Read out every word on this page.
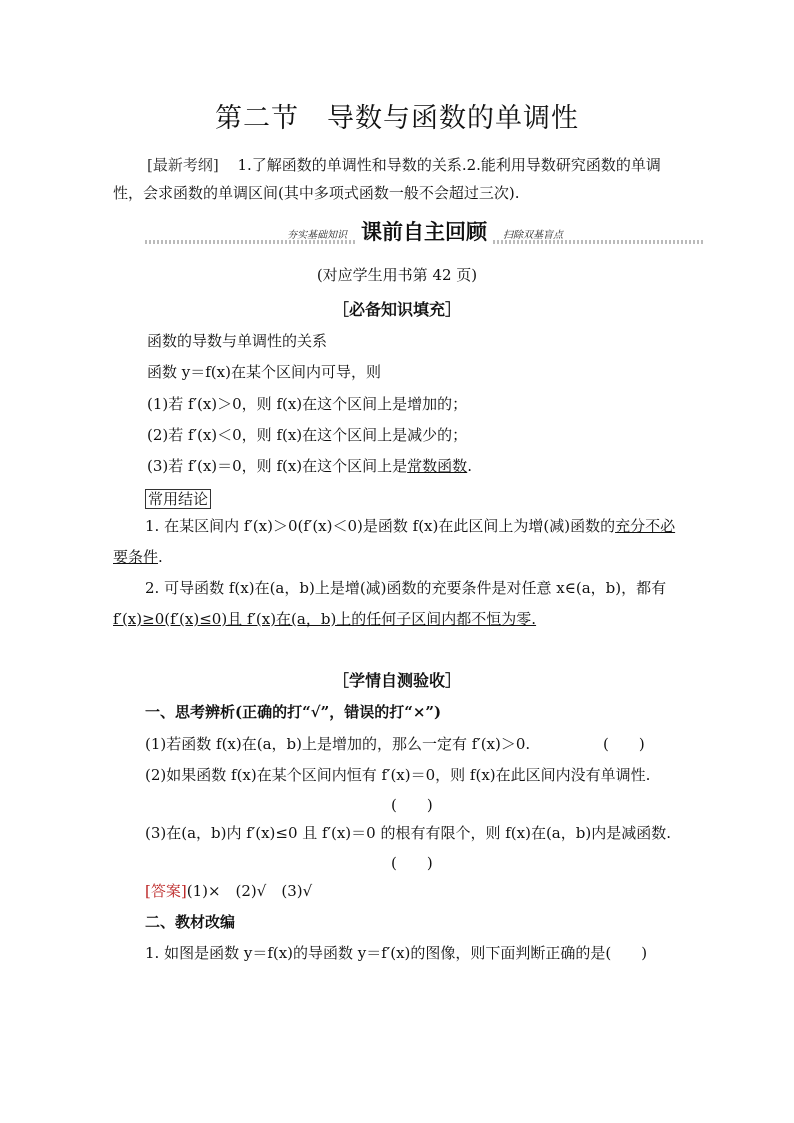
第二节　导数与函数的单调性
[最新考纲] 1.了解函数的单调性和导数的关系.2.能利用导数研究函数的单调
性，会求函数的单调区间(其中多项式函数一般不会超过三次).
夯实基础知识 课前自主回顾	扫除双基盲点
(对应学生用书第 42 页)
［必备知识填充］
函数的导数与单调性的关系
函数 y＝f(x)在某个区间内可导，则
(1)若 f′(x)＞0，则 f(x)在这个区间上是增加的；
(2)若 f′(x)＜0，则 f(x)在这个区间上是减少的；
(3)若 f′(x)＝0，则 f(x)在这个区间上是常数函数.
常用结论
1. 在某区间内 f′(x)＞0(f′(x)＜0)是函数 f(x)在此区间上为增(减)函数的充分不必
要条件.
2. 可导函数 f(x)在(a，b)上是增(减)函数的充要条件是对任意 x∈(a，b)，都有
f′(x)≥0(f′(x)≤0)且 f′(x)在(a，b)上的任何子区间内都不恒为零.
［学情自测验收］
一、思考辨析(正确的打“√”，错误的打“×”)
(1)若函数 f(x)在(a，b)上是增加的，那么一定有 f′(x)＞0.	(　　)
(2)如果函数 f(x)在某个区间内恒有 f′(x)＝0，则 f(x)在此区间内没有单调性.
(　　)
(3)在(a，b)内 f′(x)≤0 且 f′(x)＝0 的根有有限个，则 f(x)在(a，b)内是减函数.
(　　)
[答案](1)×　(2)√　(3)√
二、教材改编
1. 如图是函数 y＝f(x)的导函数 y＝f′(x)的图像，则下面判断正确的是(　　)
